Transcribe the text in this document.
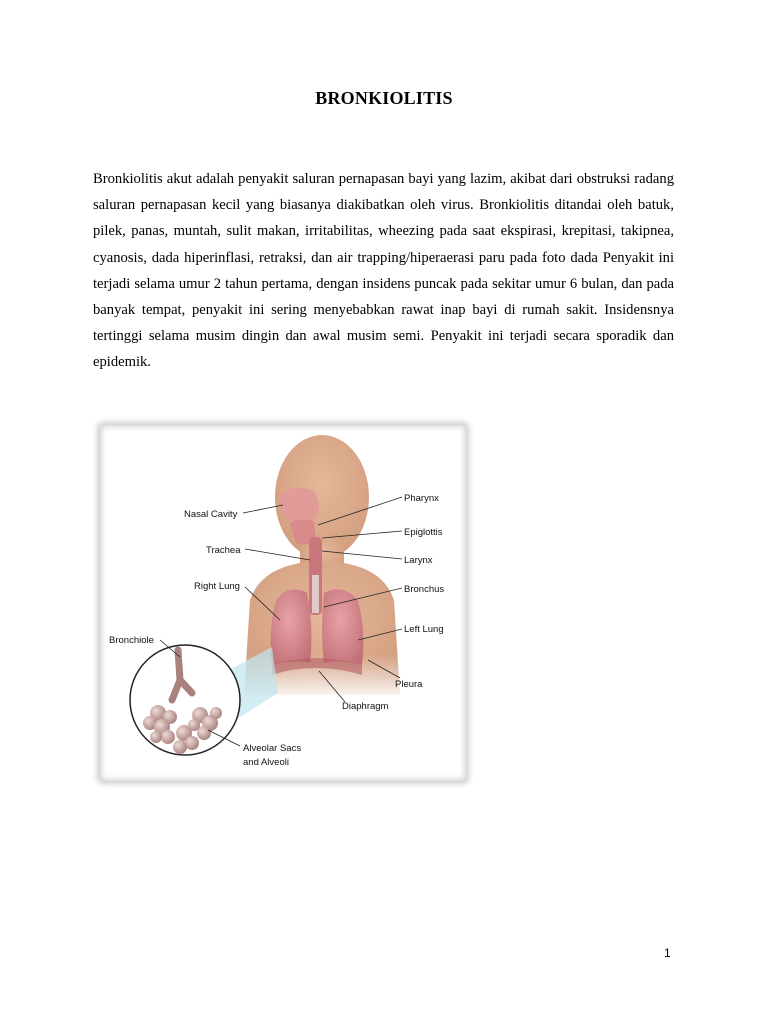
BRONKIOLITIS

Bronkiolitis akut adalah penyakit saluran pernapasan bayi yang lazim, akibat dari obstruksi radang saluran pernapasan kecil yang biasanya diakibatkan oleh virus. Bronkiolitis ditandai oleh batuk, pilek, panas, muntah, sulit makan, irritabilitas, wheezing pada saat ekspirasi, krepitasi, takipnea, cyanosis, dada hiperinflasi, retraksi, dan air trapping/hiperaerasi paru pada foto dada Penyakit ini terjadi selama umur 2 tahun pertama, dengan insidens puncak pada sekitar umur 6 bulan, dan pada banyak tempat, penyakit ini sering menyebabkan rawat inap bayi di rumah sakit. Insidensnya tertinggi selama musim dingin dan awal musim semi. Penyakit ini terjadi secara sporadik dan epidemik.

Nasal Cavity
Trachea
Right Lung
Bronchiole
Alveolar Sacs
and Alveoli
Pharynx
Epiglottis
Larynx
Bronchus
Left Lung
Pleura
Diaphragm
1
